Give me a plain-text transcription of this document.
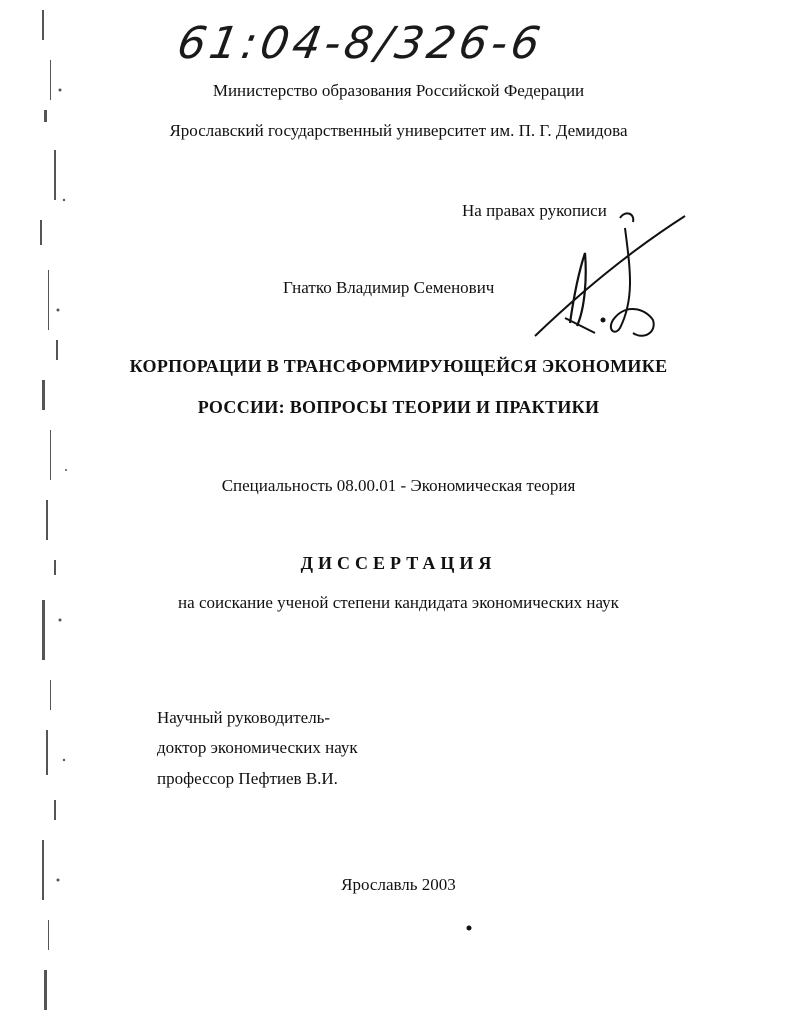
61:04-8/326-6
Министерство образования Российской Федерации
Ярославский государственный университет им. П. Г. Демидова
На правах рукописи
Гнатко Владимир Семенович
КОРПОРАЦИИ В ТРАНСФОРМИРУЮЩЕЙСЯ ЭКОНОМИКЕ
РОССИИ: ВОПРОСЫ ТЕОРИИ И ПРАКТИКИ
Специальность 08.00.01 - Экономическая теория
ДИССЕРТАЦИЯ
на соискание ученой степени кандидата экономических наук
Научный руководитель-
доктор экономических наук
профессор Пефтиев В.И.
Ярославль 2003
